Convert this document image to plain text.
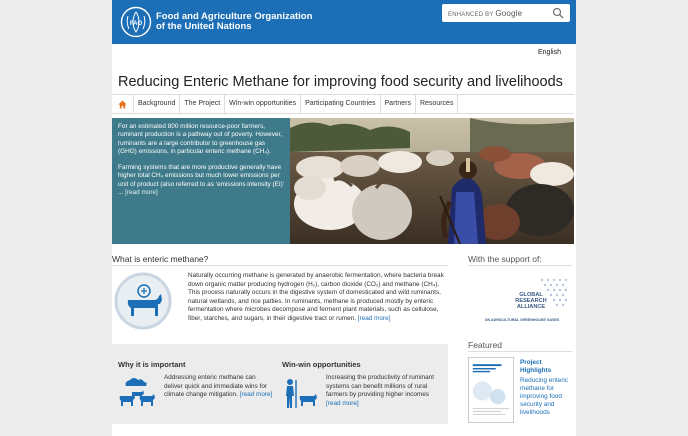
FAO
Food and Agriculture Organization
of the United Nations
ENHANCED BY Google
English
Reducing Enteric Methane for improving food security and livelihoods
Background	The Project	Win-win opportunities	Participating Countries	Partners	Resources

For an estimated 800 million resource-poor farmers, ruminant production is a pathway out of poverty. However, ruminants are a large contributor to greenhouse gas (GHG) emissions, in particular enteric methane (CH₄).

Farming systems that are more productive generally have higher total CH₄ emissions but much lower emissions per unit of product (also referred to as ‘emissions intensity (EI)’ ... [read more]

What is enteric methane?
Naturally occurring methane is generated by anaerobic fermentation, where bacteria break down organic matter producing hydrogen (H₂), carbon dioxide (CO₂) and methane (CH₄). This process naturally occurs in the digestive system of domesticated and wild ruminants, natural wetlands, and rice patties. In ruminants, methane is produced mostly by enteric fermentation where microbes decompose and ferment plant materials, such as cellulose, fiber, starches, and sugars, in their digestive tract or rumen. [read more]
Why it is important
Addressing enteric methane can deliver quick and immediate wins for climate change mitigation. [read more]
Win-win opportunities
Increasing the productivity of ruminant systems can benefit millions of rural farmers by providing higher incomes [read more]
With the support of:
GLOBAL
RESEARCH
ALLIANCE
ON AGRICULTURAL GREENHOUSE GASES
Featured
Project Highlights
Reducing enteric methane for improving food security and livelihoods
